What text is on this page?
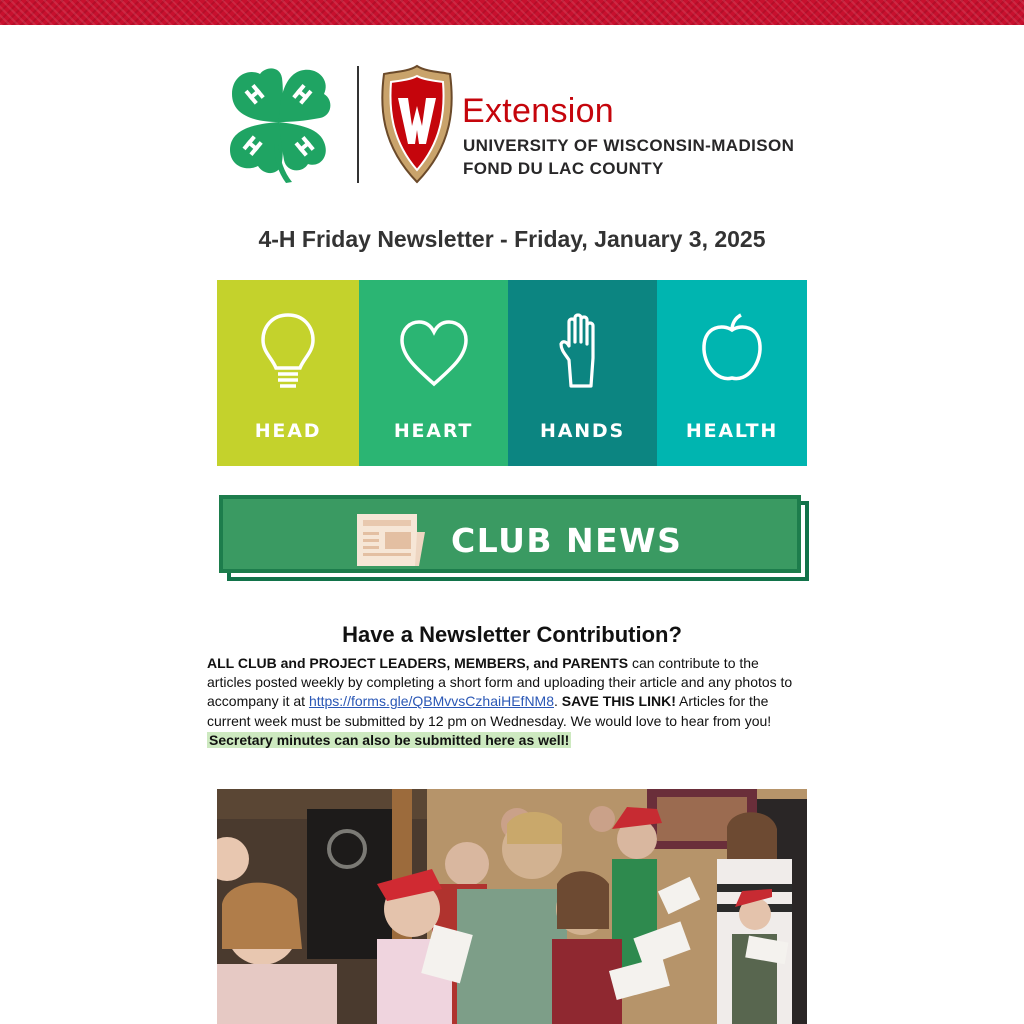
Extension
UNIVERSITY OF WISCONSIN-MADISON
FOND DU LAC COUNTY
4-H Friday Newsletter - Friday, January 3, 2025
HEAD	HEART	HANDS	HEALTH
CLUB NEWS
Have a Newsletter Contribution?
ALL CLUB and PROJECT LEADERS, MEMBERS, and PARENTS can contribute to the articles posted weekly by completing a short form and uploading their article and any photos to accompany it at https://forms.gle/QBMvvsCzhaiHEfNM8. SAVE THIS LINK! Articles for the current week must be submitted by 12 pm on Wednesday. We would love to hear from you!
Secretary minutes can also be submitted here as well!
